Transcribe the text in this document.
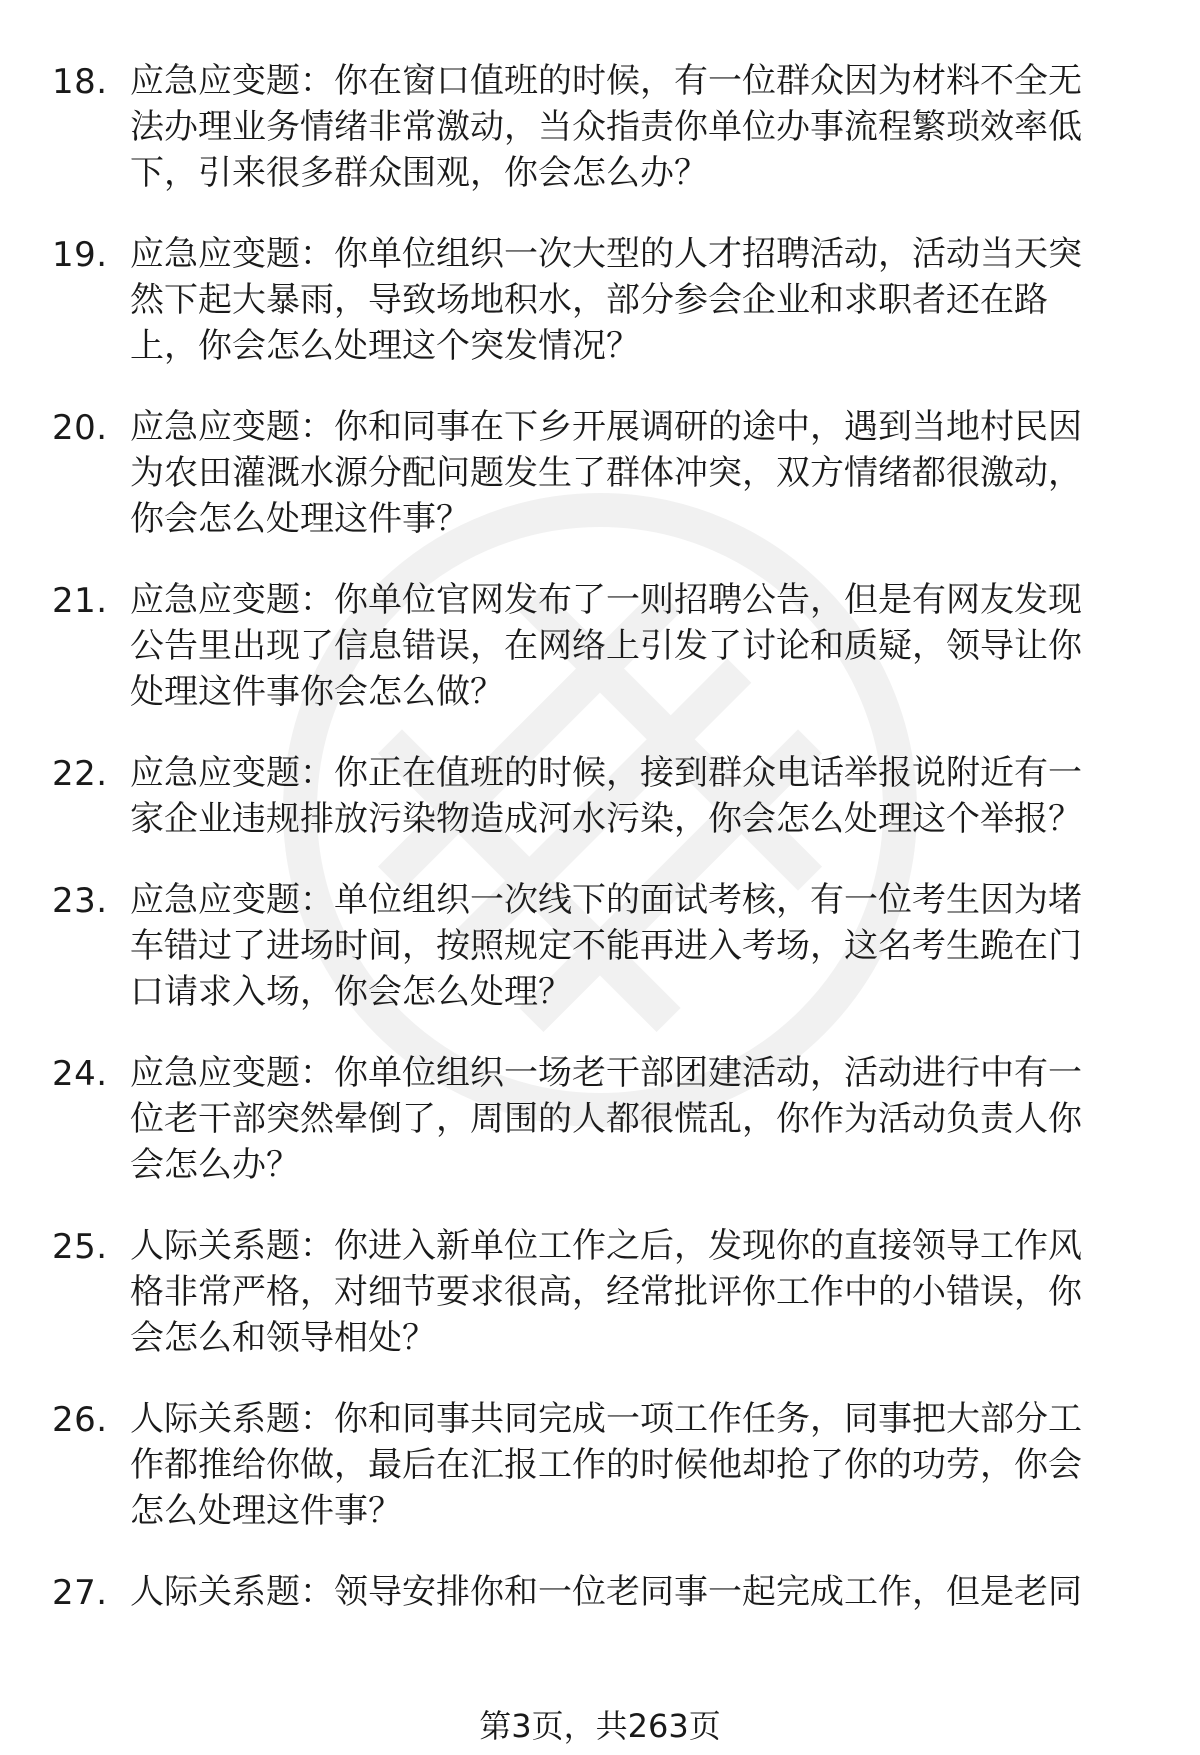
18. 应急应变题：你在窗口值班的时候，有一位群众因为材料不全无
法办理业务情绪非常激动，当众指责你单位办事流程繁琐效率低
下，引来很多群众围观，你会怎么办？
19. 应急应变题：你单位组织一次大型的人才招聘活动，活动当天突
然下起大暴雨，导致场地积水，部分参会企业和求职者还在路
上，你会怎么处理这个突发情况？
20. 应急应变题：你和同事在下乡开展调研的途中，遇到当地村民因
为农田灌溉水源分配问题发生了群体冲突，双方情绪都很激动，
你会怎么处理这件事？
21. 应急应变题：你单位官网发布了一则招聘公告，但是有网友发现
公告里出现了信息错误，在网络上引发了讨论和质疑，领导让你
处理这件事你会怎么做？
22. 应急应变题：你正在值班的时候，接到群众电话举报说附近有一
家企业违规排放污染物造成河水污染，你会怎么处理这个举报？
23. 应急应变题：单位组织一次线下的面试考核，有一位考生因为堵
车错过了进场时间，按照规定不能再进入考场，这名考生跪在门
口请求入场，你会怎么处理？
24. 应急应变题：你单位组织一场老干部团建活动，活动进行中有一
位老干部突然晕倒了，周围的人都很慌乱，你作为活动负责人你
会怎么办？
25. 人际关系题：你进入新单位工作之后，发现你的直接领导工作风
格非常严格，对细节要求很高，经常批评你工作中的小错误，你
会怎么和领导相处？
26. 人际关系题：你和同事共同完成一项工作任务，同事把大部分工
作都推给你做，最后在汇报工作的时候他却抢了你的功劳，你会
怎么处理这件事？
27. 人际关系题：领导安排你和一位老同事一起完成工作，但是老同
第3页，共263页
